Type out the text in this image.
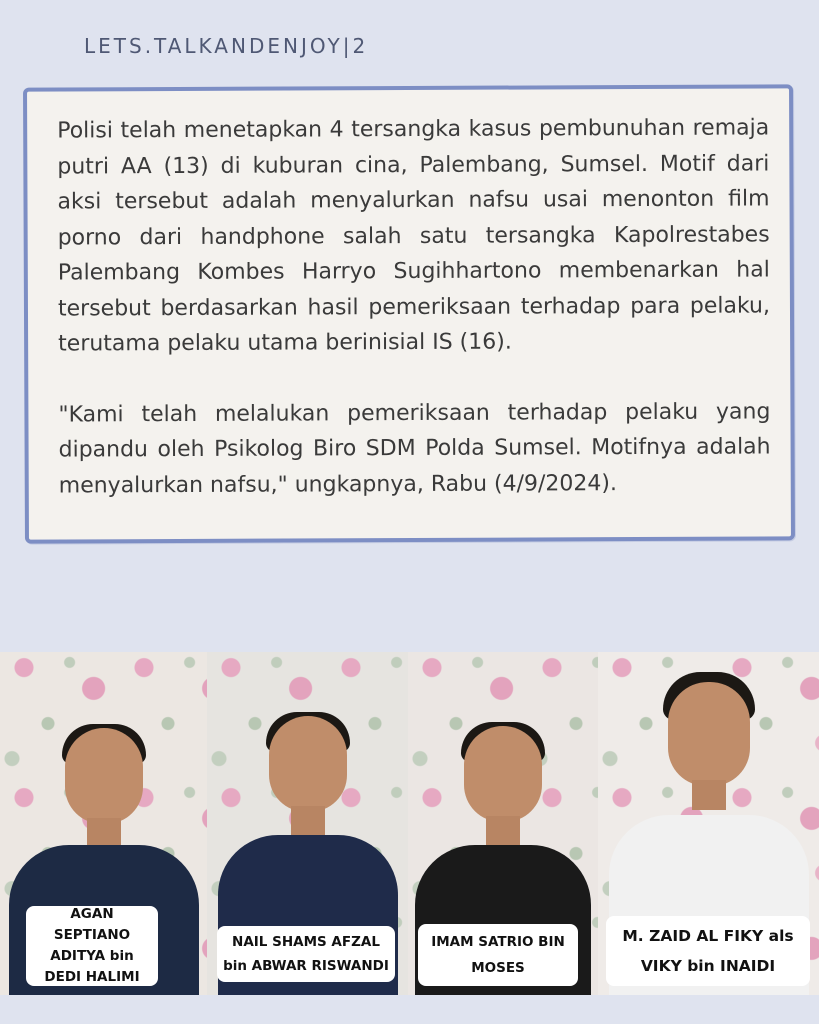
LETS.TALKANDENJOY|2

Polisi telah menetapkan 4 tersangka kasus pembunuhan remaja putri AA (13) di kuburan cina, Palembang, Sumsel. Motif dari aksi tersebut adalah menyalurkan nafsu usai menonton film porno dari handphone salah satu tersangka Kapolrestabes Palembang Kombes Harryo Sugihhartono membenarkan hal tersebut berdasarkan hasil pemeriksaan terhadap para pelaku, terutama pelaku utama berinisial IS (16).

"Kami telah melalukan pemeriksaan terhadap pelaku yang dipandu oleh Psikolog Biro SDM Polda Sumsel. Motifnya adalah menyalurkan nafsu," ungkapnya, Rabu (4/9/2024).

AGAN SEPTIANO ADITYA bin DEDI HALIMI
NAIL SHAMS AFZAL bin ABWAR RISWANDI
IMAM SATRIO BIN MOSES
M. ZAID AL FIKY als VIKY bin INAIDI
